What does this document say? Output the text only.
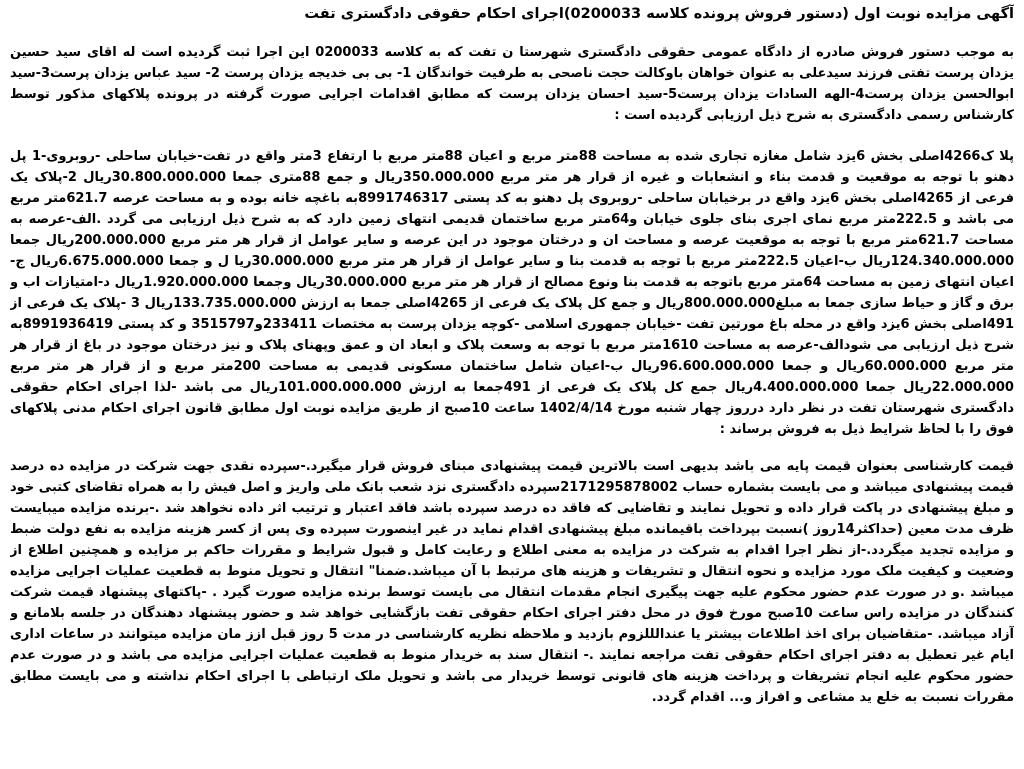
آگهی مزایده نوبت اول (دستور فروش پرونده کلاسه 0200033)اجرای احکام حقوقی دادگستری تفت

به موجب دستور فروش صادره از دادگاه عمومی حقوقی دادگستری شهرستا ن تفت که به کلاسه 0200033 این اجرا ثبت گردیده است له اقای سید حسین یزدان پرست تفتی فرزند سیدعلی به عنوان خواهان باوکالت حجت ناصحی به طرفیت خواندگان 1- بی بی خدیجه یزدان پرست 2- سید عباس یزدان پرست3-سید ابوالحسن یزدان پرست4-الهه السادات یزدان پرست5-سید احسان یزدان پرست که مطابق اقدامات اجرایی صورت گرفته در پرونده پلاکهای مذکور توسط کارشناس رسمی دادگستری به شرح ذیل ارزیابی گردیده است :

پلا ک4266اصلی بخش 6یزد شامل مغازه تجاری شده به مساحت 88متر مربع و اعیان 88متر مربع با ارتفاع 3متر واقع در تفت-خیابان ساحلی -روبروی-1 پل دهنو با توجه به موقعیت و قدمت بناء و انشعابات و غیره از قرار هر متر مربع 350.000.000ریال و جمع 88متری جمعا 30.800.000.000ریال 2-پلاک یک فرعی از 4265اصلی بخش 6یزد واقع در برخیابان ساحلی -روبروی پل دهنو به کد پستی 8991746317به باغچه خانه بوده و به مساحت عرصه 621.7متر مربع می باشد و 222.5متر مربع نمای اجری بنای جلوی خیابان و64متر مربع ساختمان قدیمی انتهای زمین دارد که به شرح ذیل ارزیابی می گردد .الف-عرصه به مساحت 621.7متر مربع با توجه به موقعیت عرصه و مساحت ان و درختان موجود در این عرصه و سایر عوامل از قرار هر متر مربع 200.000.000ریال جمعا 124.340.000.000ریال ب-اعیان 222.5متر مربع با توجه به قدمت بنا و سایر عوامل از قرار هر متر مربع 30.000.000ریا ل و جمعا 6.675.000.000ریال ج-اعیان انتهای زمین به مساحت 64متر مربع باتوجه به قدمت بنا ونوع مصالح از قرار هر متر مربع 30.000.000ریال وجمعا 1.920.000.000ریال د-امتیازات اب و برق و گاز و حیاط سازی جمعا به مبلغ800.000.000ریال و جمع کل پلاک یک فرعی از 4265اصلی جمعا به ارزش 133.735.000.000ریال 3 -پلاک یک فرعی از 491اصلی بخش 6یزد واقع در محله باغ مورتین تفت -خیابان جمهوری اسلامی -کوچه یزدان پرست به مختصات 233411و3515797 و کد پستی 8991936419به شرح ذیل ارزیابی می شودالف-عرصه به مساحت 1610متر مربع با توجه به وسعت پلاک و ابعاد ان و عمق وپهنای پلاک و نیز درختان موجود در باغ از قرار هر متر مربع 60.000.000ریال و جمعا 96.600.000.000ریال ب-اعیان شامل ساختمان مسکونی قدیمی به مساحت 200متر مربع و از قرار هر متر مربع 22.000.000ریال جمعا 4.400.000.000ریال جمع کل پلاک یک فرعی از 491جمعا به ارزش 101.000.000.000ریال می باشد -لذا اجرای احکام حقوقی دادگستری شهرستان تفت در نظر دارد درروز چهار شنبه مورخ 1402/4/14 ساعت 10صبح از طریق مزایده نوبت اول مطابق قانون اجرای احکام مدنی پلاکهای فوق را با لحاظ شرایط ذیل به فروش برساند :

قیمت کارشناسی بعنوان قیمت پایه می باشد بدیهی است بالاترین قیمت پیشنهادی مبنای فروش قرار میگیرد.-سپرده نقدی جهت شرکت در مزایده ده درصد قیمت پیشنهادی میباشد و می بایست بشماره حساب 2171295878002سپرده دادگستری نزد شعب بانک ملی واریز و اصل فیش را به همراه تقاضای کتبی خود و مبلغ پیشنهادی در پاکت قرار داده و تحویل نمایند و تقاضایی که فاقد ده درصد سپرده باشد فاقد اعتبار و ترتیب اثر داده نخواهد شد .-برنده مزایده میبایست ظرف مدت معین (حداکثر14روز )نسبت بپرداخت باقیمانده مبلغ پیشنهادی اقدام نماید در غیر اینصورت سپرده وی پس از کسر هزینه مزایده به نفع دولت ضبط و مزایده تجدید میگردد.-از نظر اجرا اقدام به شرکت در مزایده به معنی اطلاع و رعایت کامل و قبول شرایط و مقررات حاکم بر مزایده و همچنین اطلاع از وضعیت و کیفیت ملک مورد مزایده و نحوه انتقال و تشریفات و هزینه های مرتبط با آن میباشد.ضمنا" انتقال و تحویل منوط به قطعیت عملیات اجرایی مزایده میباشد .و در صورت عدم حضور محکوم علیه جهت پیگیری انجام مقدمات انتقال می بایست توسط برنده مزایده صورت گیرد . -پاکتهای پیشنهاد قیمت شرکت کنندگان در مزایده راس ساعت 10صبح مورخ فوق در محل دفتر اجرای احکام حقوقی تفت بازگشایی خواهد شد و حضور پیشنهاد دهندگان در جلسه بلامانع و آزاد میباشد. -متقاضیان برای اخذ اطلاعات بیشتر یا عندالللزوم بازدید و ملاحظه نظریه کارشناسی در مدت 5 روز قبل ازز مان مزایده میتوانند در ساعات اداری ایام غیر تعطیل به دفتر اجرای احکام حقوقی تفت مراجعه نمایند .- انتقال سند به خریدار منوط به قطعیت عملیات اجرایی مزایده می باشد و در صورت عدم حضور محکوم علیه انجام تشریفات و پرداخت هزینه های قانونی توسط خریدار می باشد و تحویل ملک ارتباطی با اجرای احکام نداشته و می بایست مطابق مقررات نسبت به خلع ید مشاعی و افراز و... اقدام گردد.
